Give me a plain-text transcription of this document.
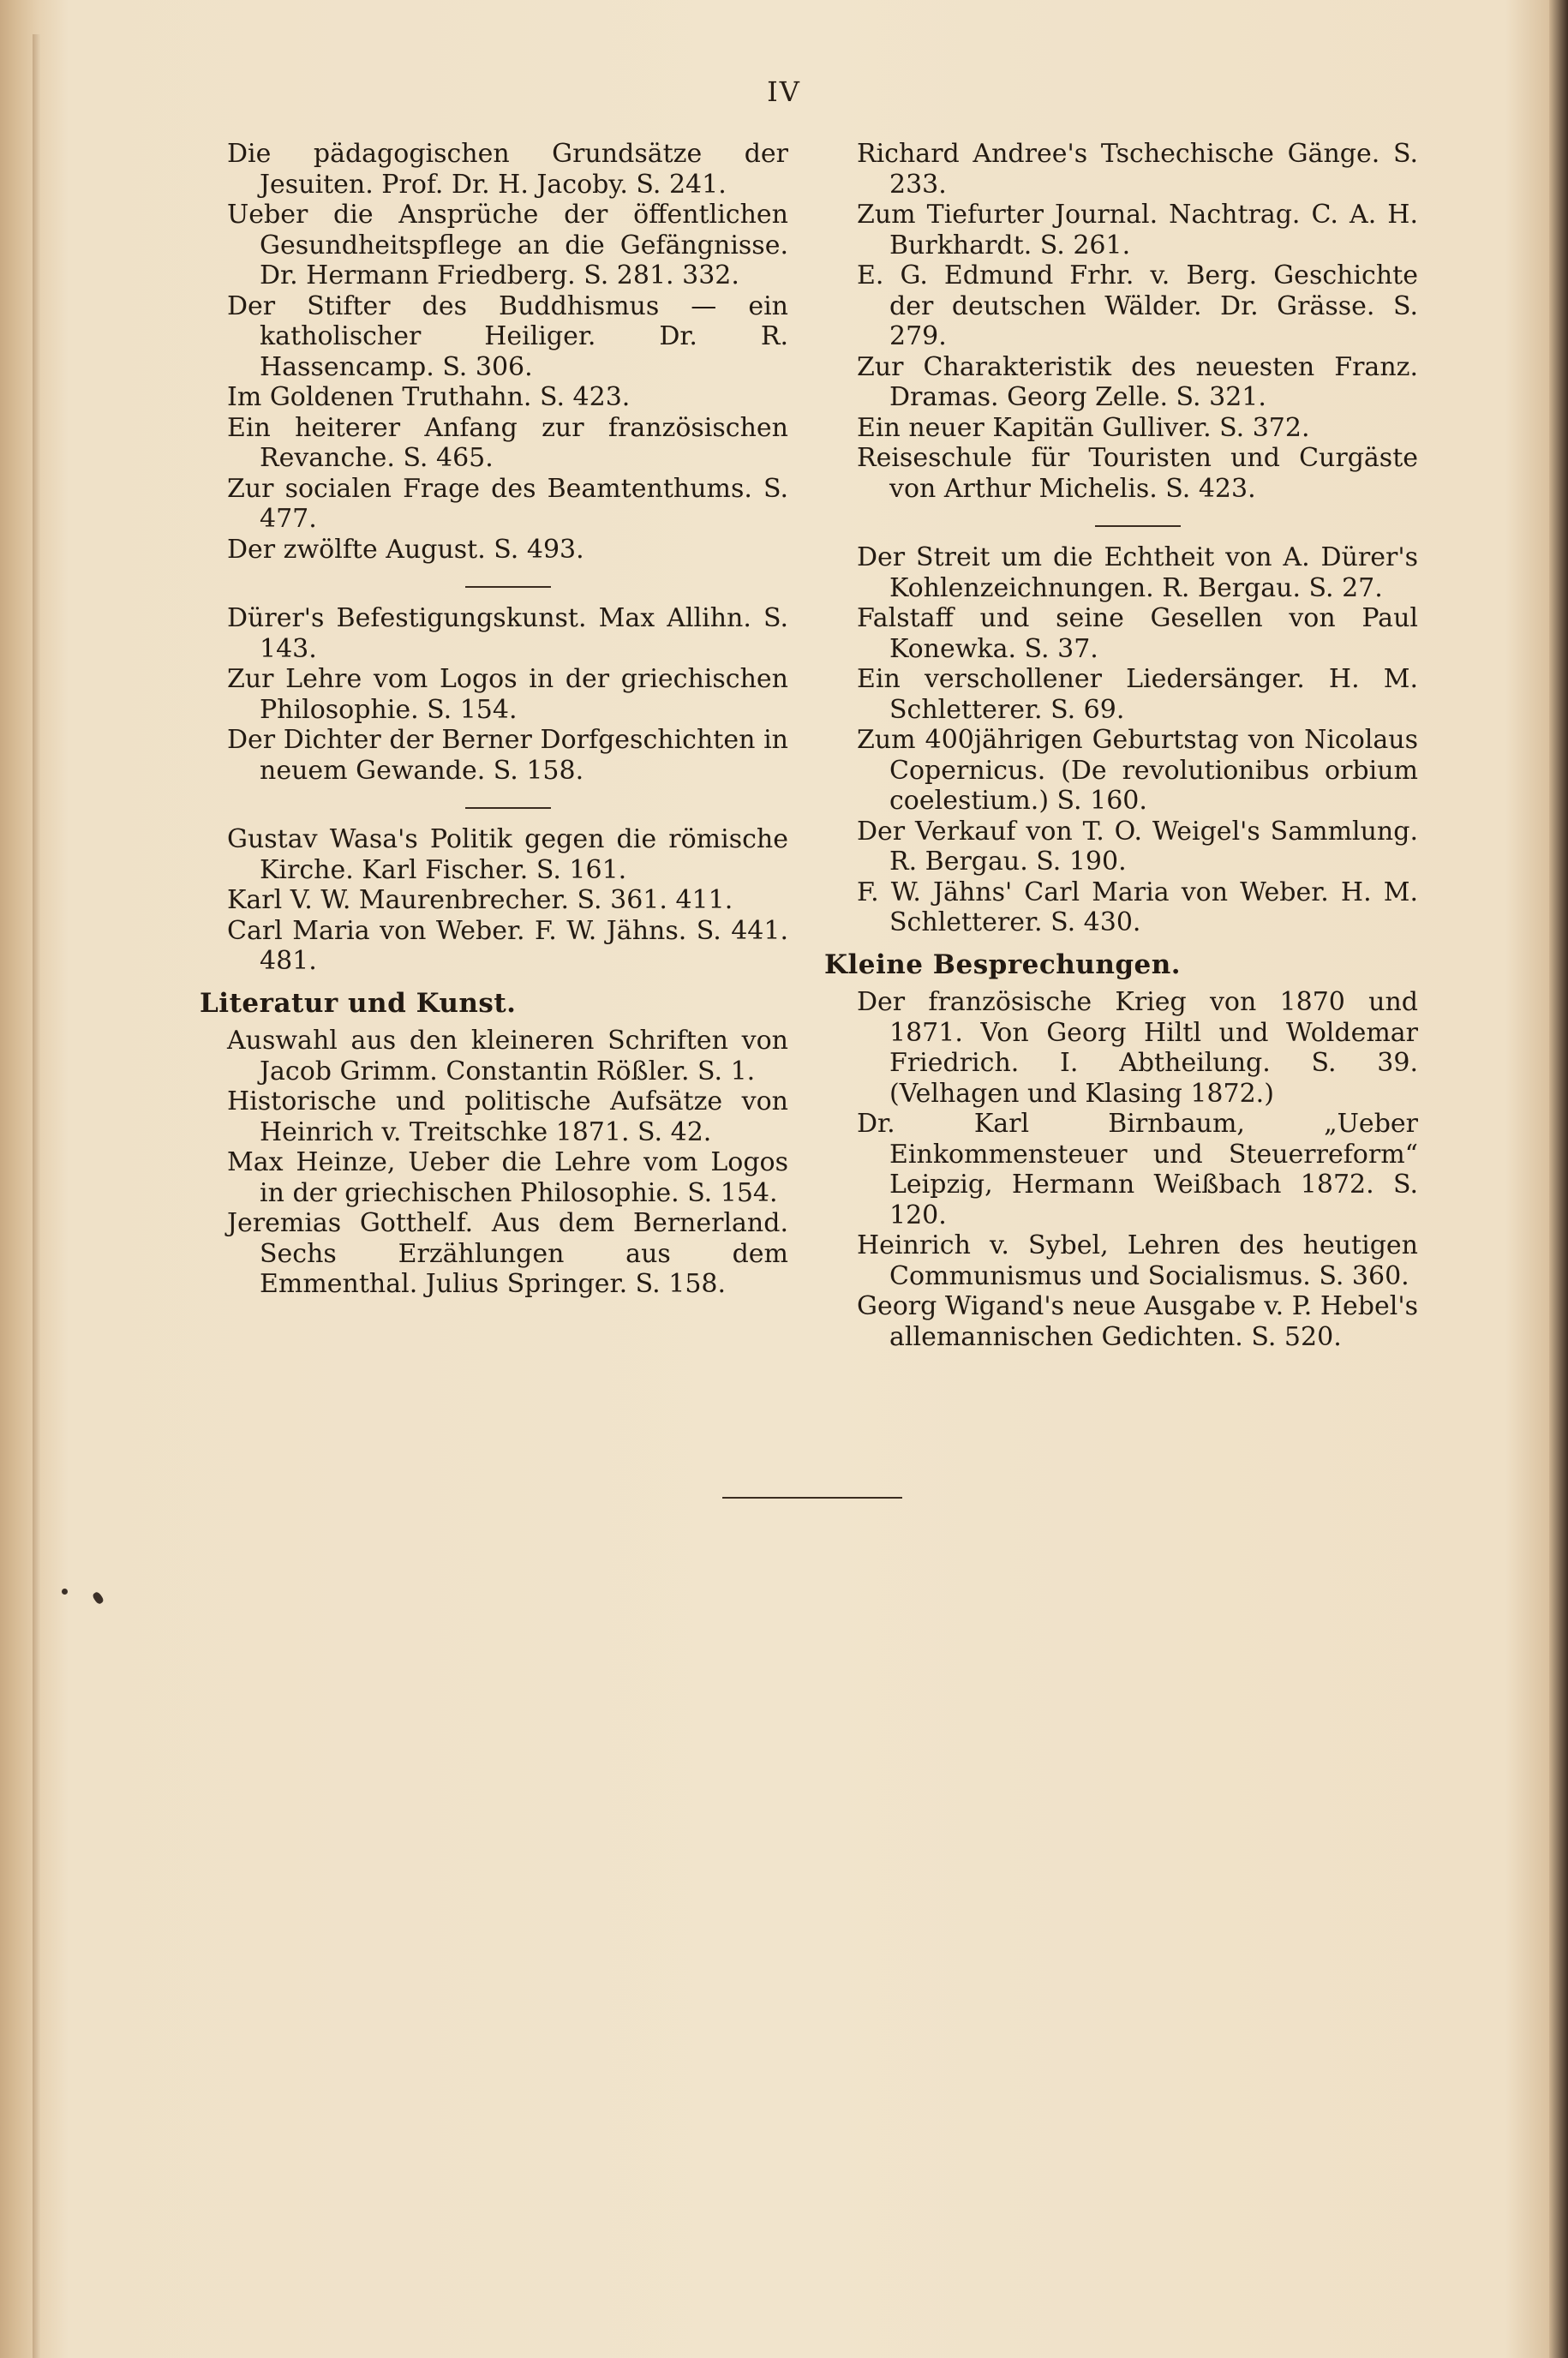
IV

Die pädagogischen Grundsätze der Jesuiten. Prof. Dr. H. Jacoby. S. 241.

Ueber die Ansprüche der öffentlichen Gesundheitspflege an die Gefängnisse. Dr. Hermann Friedberg. S. 281. 332.

Der Stifter des Buddhismus — ein katholischer Heiliger. Dr. R. Hassencamp. S. 306.

Im Goldenen Truthahn. S. 423.

Ein heiterer Anfang zur französischen Revanche. S. 465.

Zur socialen Frage des Beamtenthums. S. 477.

Der zwölfte August. S. 493.

Dürer's Befestigungskunst. Max Allihn. S. 143.

Zur Lehre vom Logos in der griechischen Philosophie. S. 154.

Der Dichter der Berner Dorfgeschichten in neuem Gewande. S. 158.

Gustav Wasa's Politik gegen die römische Kirche. Karl Fischer. S. 161.

Karl V. W. Maurenbrecher. S. 361. 411.

Carl Maria von Weber. F. W. Jähns. S. 441. 481.

Literatur und Kunst.

Auswahl aus den kleineren Schriften von Jacob Grimm. Constantin Rößler. S. 1.

Historische und politische Aufsätze von Heinrich v. Treitschke 1871. S. 42.

Max Heinze, Ueber die Lehre vom Logos in der griechischen Philosophie. S. 154.

Jeremias Gotthelf. Aus dem Bernerland. Sechs Erzählungen aus dem Emmenthal. Julius Springer. S. 158.

Richard Andree's Tschechische Gänge. S. 233.

Zum Tiefurter Journal. Nachtrag. C. A. H. Burkhardt. S. 261.

E. G. Edmund Frhr. v. Berg. Geschichte der deutschen Wälder. Dr. Grässe. S. 279.

Zur Charakteristik des neuesten Franz. Dramas. Georg Zelle. S. 321.

Ein neuer Kapitän Gulliver. S. 372.

Reiseschule für Touristen und Curgäste von Arthur Michelis. S. 423.

Der Streit um die Echtheit von A. Dürer's Kohlenzeichnungen. R. Bergau. S. 27.

Falstaff und seine Gesellen von Paul Konewka. S. 37.

Ein verschollener Liedersänger. H. M. Schletterer. S. 69.

Zum 400jährigen Geburtstag von Nicolaus Copernicus. (De revolutionibus orbium coelestium.) S. 160.

Der Verkauf von T. O. Weigel's Sammlung. R. Bergau. S. 190.

F. W. Jähns' Carl Maria von Weber. H. M. Schletterer. S. 430.

Kleine Besprechungen.

Der französische Krieg von 1870 und 1871. Von Georg Hiltl und Woldemar Friedrich. I. Abtheilung. S. 39. (Velhagen und Klasing 1872.)

Dr. Karl Birnbaum, „Ueber Einkommensteuer und Steuerreform“ Leipzig, Hermann Weißbach 1872. S. 120.

Heinrich v. Sybel, Lehren des heutigen Communismus und Socialismus. S. 360.

Georg Wigand's neue Ausgabe v. P. Hebel's allemannischen Gedichten. S. 520.
